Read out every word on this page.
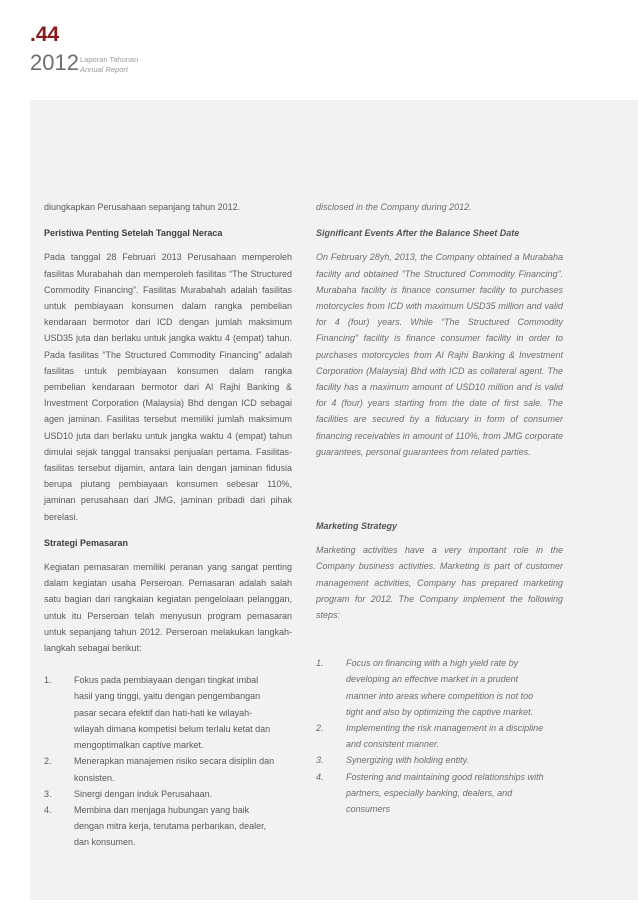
.44
2012 Laporan Tahunan
Annual Report

diungkapkan Perusahaan sepanjang tahun 2012.

Peristiwa Penting Setelah Tanggal Neraca

Pada tanggal 28 Februari 2013 Perusahaan memperoleh fasilitas Murabahah dan memperoleh fasilitas “The Structured Commodity Financing”. Fasilitas Murabahah adalah fasilitas untuk pembiayaan konsumen dalam rangka pembelian kendaraan bermotor dari ICD dengan jumlah maksimum USD35 juta dan berlaku untuk jangka waktu 4 (empat) tahun. Pada fasilitas “The Structured Commodity Financing” adalah fasilitas untuk pembiayaan konsumen dalam rangka pembelian kendaraan bermotor dari Al Rajhi Banking & Investment Corporation (Malaysia) Bhd dengan ICD sebagai agen jaminan. Fasilitas tersebut memiliki jumlah maksimum USD10 juta dan berlaku untuk jangka waktu 4 (empat) tahun dimulai sejak tanggal transaksi penjualan pertama. Fasilitas-fasilitas tersebut dijamin, antara lain dengan jaminan fidusia berupa piutang pembiayaan konsumen sebesar 110%, jaminan perusahaan dari JMG, jaminan pribadi dari pihak berelasi.

Strategi Pemasaran

Kegiatan pemasaran memiliki peranan yang sangat penting dalam kegiatan usaha Perseroan. Pemasaran adalah salah satu bagian dari rangkaian kegiatan pengelolaan pelanggan, untuk itu Perseroan telah menyusun program pemasaran untuk sepanjang tahun 2012. Perseroan melakukan langkah-langkah sebagai berikut:

1.	Fokus pada pembiayaan dengan tingkat imbal hasil yang tinggi, yaitu dengan pengembangan pasar secara efektif dan hati-hati ke wilayah-wilayah dimana kompetisi belum terlalu ketat dan mengoptimalkan captive market.
2.	Menerapkan manajemen risiko secara disiplin dan konsisten.
3.	Sinergi dengan induk Perusahaan.
4.	Membina dan menjaga hubungan yang baik dengan mitra kerja, terutama perbankan, dealer, dan konsumen.

disclosed in the Company during 2012.

Significant Events After the Balance Sheet Date

On February 28yh, 2013, the Company obtained a Murabaha facility and obtained “The Structured Commodity Financing”. Murabaha facility is finance consumer facility to purchases motorcycles from ICD with maximum USD35 million and valid for 4 (four) years. While “The Structured Commodity Financing” facility is finance consumer facility in order to purchases motorcycles from Al Rajhi Banking & Investment Corporation (Malaysia) Bhd with ICD as collateral agent. The facility has a maximum amount of USD10 million and is valid for 4 (four) years starting from the date of first sale. The facilities are secured by a fiduciary in form of consumer financing receivables in amount of 110%, from JMG corporate guarantees, personal guarantees from related parties.

Marketing Strategy

Marketing activities have a very important role in the Company business activities. Marketing is part of customer management activities, Company has prepared marketing program for 2012. The Company implement the following steps:

1.	Focus on financing with a high yield rate by developing an effective market in a prudent manner into areas where competition is not too tight and also by optimizing the captive market.
2.	Implementing the risk management in a discipline and consistent manner.
3.	Synergizing with holding entity.
4.	Fostering and maintaining good relationships with partners, especially banking, dealers, and consumers
